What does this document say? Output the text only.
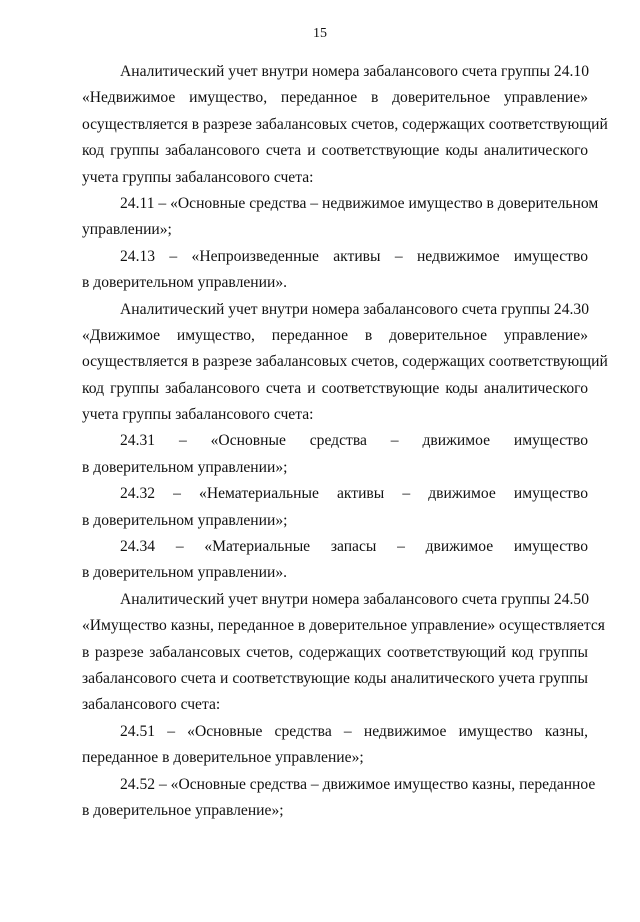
15
Аналитический учет внутри номера забалансового счета группы 24.10
«Недвижимое имущество, переданное в доверительное управление»
осуществляется в разрезе забалансовых счетов, содержащих соответствующий
код группы забалансового счета и соответствующие коды аналитического
учета группы забалансового счета:
24.11 – «Основные средства – недвижимое имущество в доверительном
управлении»;
24.13 – «Непроизведенные активы – недвижимое имущество
в доверительном управлении».
Аналитический учет внутри номера забалансового счета группы 24.30
«Движимое имущество, переданное в доверительное управление»
осуществляется в разрезе забалансовых счетов, содержащих соответствующий
код группы забалансового счета и соответствующие коды аналитического
учета группы забалансового счета:
24.31 – «Основные средства – движимое имущество
в доверительном управлении»;
24.32 – «Нематериальные активы – движимое имущество
в доверительном управлении»;
24.34 – «Материальные запасы – движимое имущество
в доверительном управлении».
Аналитический учет внутри номера забалансового счета группы 24.50
«Имущество казны, переданное в доверительное управление» осуществляется
в разрезе забалансовых счетов, содержащих соответствующий код группы
забалансового счета и соответствующие коды аналитического учета группы
забалансового счета:
24.51 – «Основные средства – недвижимое имущество казны,
переданное в доверительное управление»;
24.52 – «Основные средства – движимое имущество казны, переданное
в доверительное управление»;
